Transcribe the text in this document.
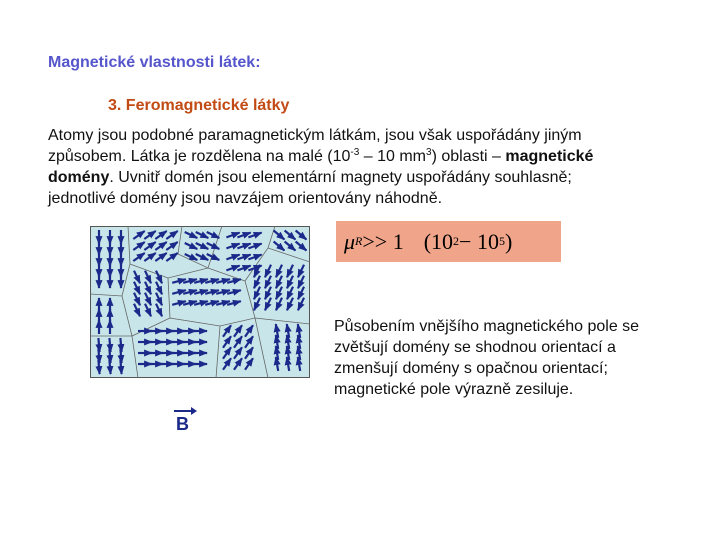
Magnetické vlastnosti látek:
3. Feromagnetické látky
Atomy jsou podobné paramagnetickým látkám, jsou však uspořádány jiným
způsobem. Látka je rozdělena na malé ($10^{-3} - 10$ $mm^3$) oblasti – magnetické
domény. Uvnitř domén jsou elementární magnety uspořádány souhlasně;
jednotlivé domény jsou navzájem orientovány náhodně.
μ R >> 1 (10 2 − 10 5 )
Působením vnějšího magnetického pole se
zvětšují domény se shodnou orientací a
zmenšují domény s opačnou orientací;
magnetické pole výrazně zesiluje.
B
